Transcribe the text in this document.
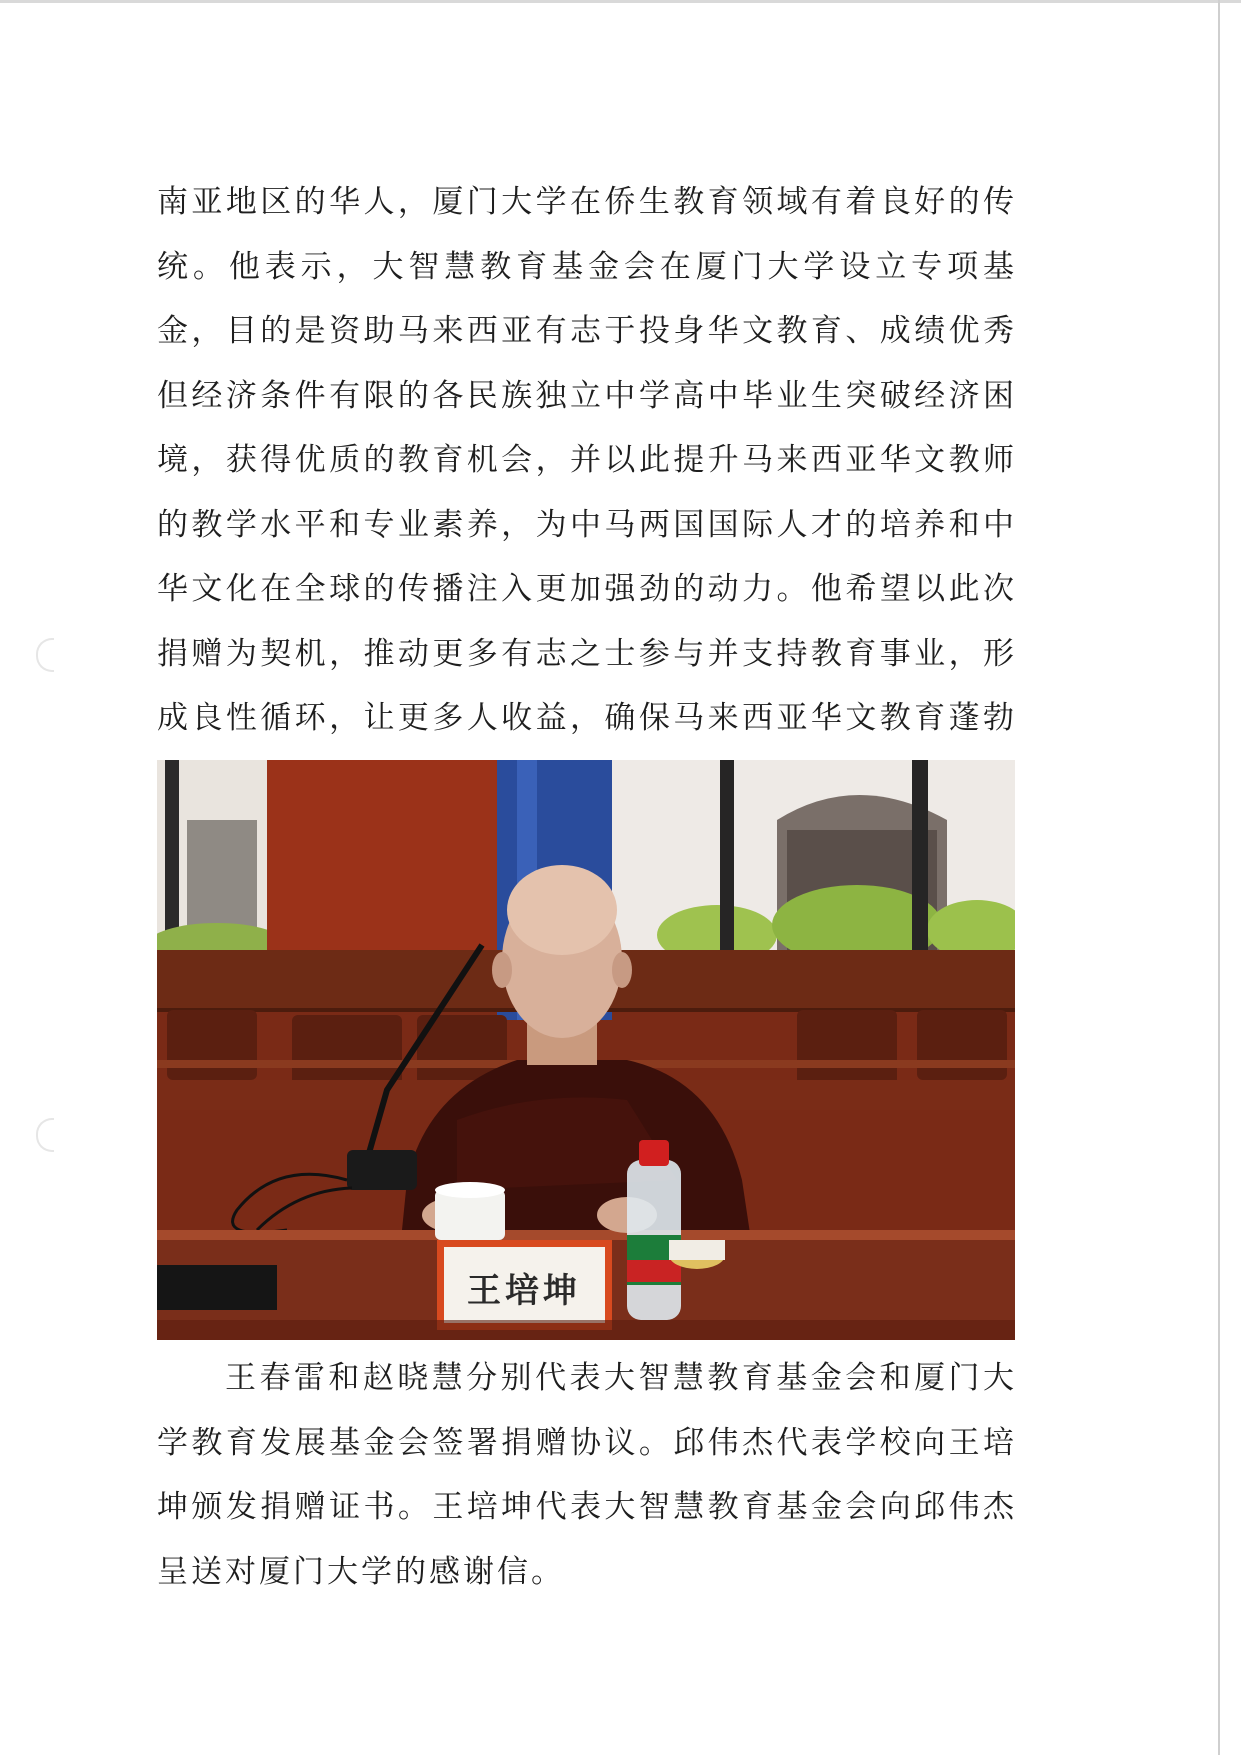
南亚地区的华人，厦门大学在侨生教育领域有着良好的传统。他表示，大智慧教育基金会在厦门大学设立专项基金，目的是资助马来西亚有志于投身华文教育、成绩优秀但经济条件有限的各民族独立中学高中毕业生突破经济困境，获得优质的教育机会，并以此提升马来西亚华文教师的教学水平和专业素养，为中马两国国际人才的培养和中华文化在全球的传播注入更加强劲的动力。他希望以此次捐赠为契机，推动更多有志之士参与并支持教育事业，形成良性循环，让更多人收益，确保马来西亚华文教育蓬勃

王培坤

王春雷和赵晓慧分别代表大智慧教育基金会和厦门大学教育发展基金会签署捐赠协议。邱伟杰代表学校向王培坤颁发捐赠证书。王培坤代表大智慧教育基金会向邱伟杰呈送对厦门大学的感谢信。
